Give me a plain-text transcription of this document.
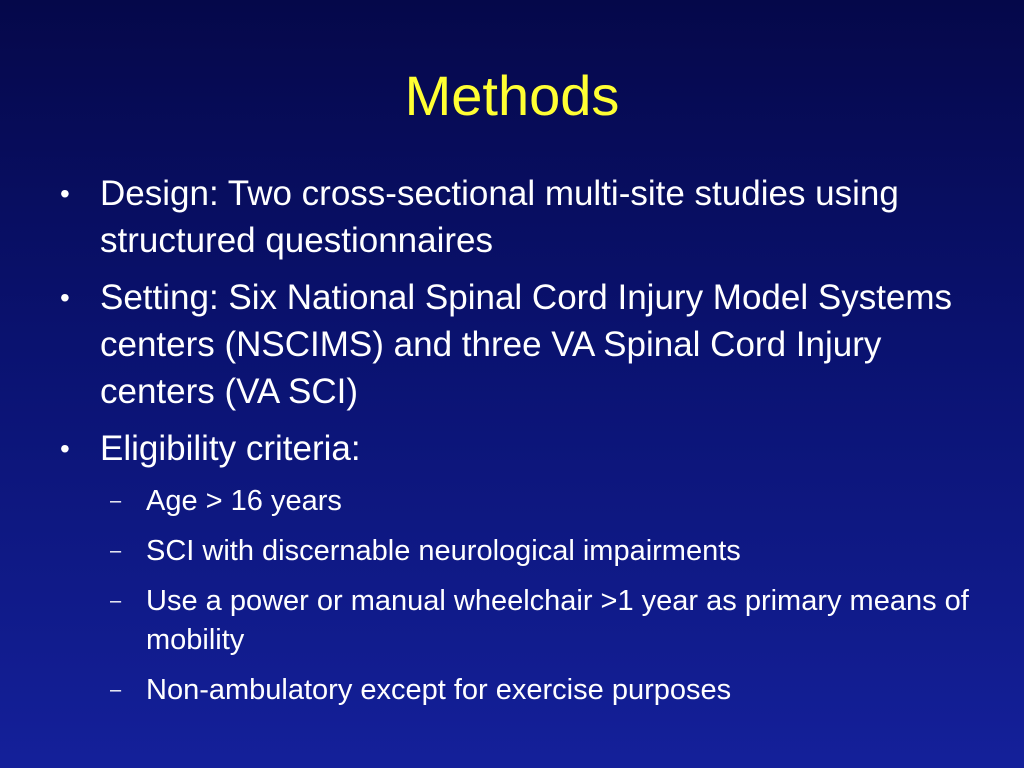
Methods
• Design: Two cross-sectional multi-site studies using structured questionnaires
• Setting: Six National Spinal Cord Injury Model Systems centers (NSCIMS) and three VA Spinal Cord Injury centers (VA SCI)
• Eligibility criteria:
– Age > 16 years
– SCI with discernable neurological impairments
– Use a power or manual wheelchair >1 year as primary means of mobility
– Non-ambulatory except for exercise purposes
